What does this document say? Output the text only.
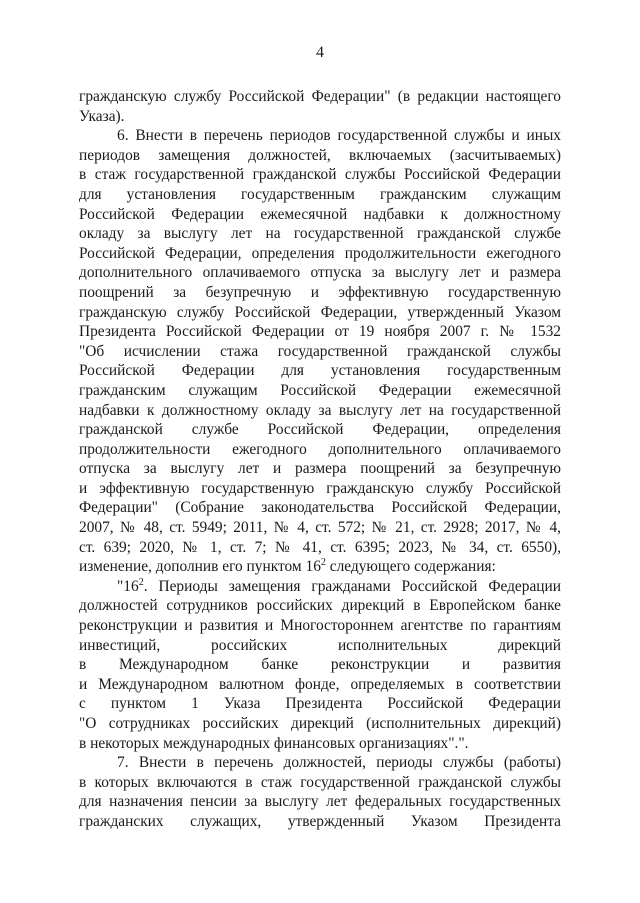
4
гражданскую службу Российской Федерации" (в редакции настоящего
Указа).
6. Внести в перечень периодов государственной службы и иных
периодов замещения должностей, включаемых (засчитываемых)
в стаж государственной гражданской службы Российской Федерации
для установления государственным гражданским служащим
Российской Федерации ежемесячной надбавки к должностному
окладу за выслугу лет на государственной гражданской службе
Российской Федерации, определения продолжительности ежегодного
дополнительного оплачиваемого отпуска за выслугу лет и размера
поощрений за безупречную и эффективную государственную
гражданскую службу Российской Федерации, утвержденный Указом
Президента Российской Федерации от 19 ноября 2007 г. № 1532
"Об исчислении стажа государственной гражданской службы
Российской Федерации для установления государственным
гражданским служащим Российской Федерации ежемесячной
надбавки к должностному окладу за выслугу лет на государственной
гражданской службе Российской Федерации, определения
продолжительности ежегодного дополнительного оплачиваемого
отпуска за выслугу лет и размера поощрений за безупречную
и эффективную государственную гражданскую службу Российской
Федерации" (Собрание законодательства Российской Федерации,
2007, № 48, ст. 5949; 2011, № 4, ст. 572; № 21, ст. 2928; 2017, № 4,
ст. 639; 2020, № 1, ст. 7; № 41, ст. 6395; 2023, № 34, ст. 6550),
изменение, дополнив его пунктом $16^2$ следующего содержания:
"$16^2$. Периоды замещения гражданами Российской Федерации
должностей сотрудников российских дирекций в Европейском банке
реконструкции и развития и Многостороннем агентстве по гарантиям
инвестиций, российских исполнительных дирекций
в Международном банке реконструкции и развития
и Международном валютном фонде, определяемых в соответствии
с пунктом 1 Указа Президента Российской Федерации
"О сотрудниках российских дирекций (исполнительных дирекций)
в некоторых международных финансовых организациях".".
7. Внести в перечень должностей, периоды службы (работы)
в которых включаются в стаж государственной гражданской службы
для назначения пенсии за выслугу лет федеральных государственных
гражданских служащих, утвержденный Указом Президента
